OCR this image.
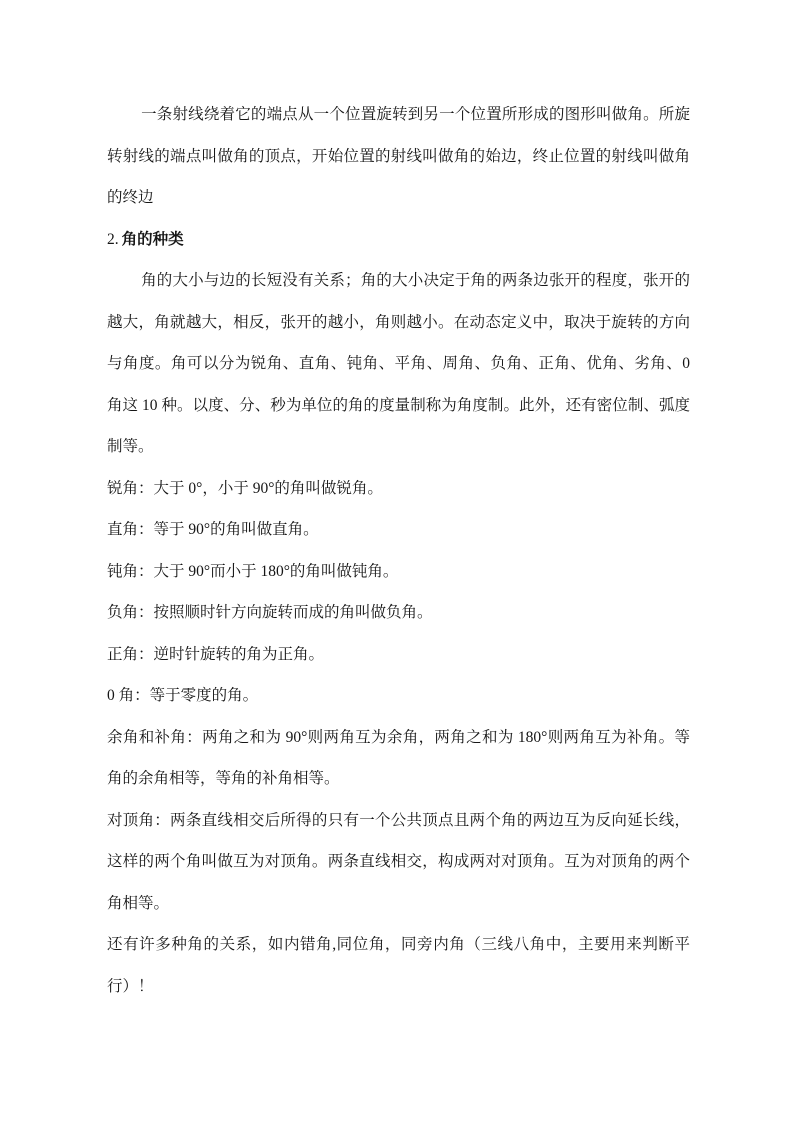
一条射线绕着它的端点从一个位置旋转到另一个位置所形成的图形叫做角。所旋转射线的端点叫做角的顶点，开始位置的射线叫做角的始边，终止位置的射线叫做角的终边

2. 角的种类

角的大小与边的长短没有关系；角的大小决定于角的两条边张开的程度，张开的越大，角就越大，相反，张开的越小，角则越小。在动态定义中，取决于旋转的方向与角度。角可以分为锐角、直角、钝角、平角、周角、负角、正角、优角、劣角、0 角这 10 种。以度、分、秒为单位的角的度量制称为角度制。此外，还有密位制、弧度制等。

锐角：大于 0°，小于 90°的角叫做锐角。

直角：等于 90°的角叫做直角。

钝角：大于 90°而小于 180°的角叫做钝角。

负角：按照顺时针方向旋转而成的角叫做负角。

正角：逆时针旋转的角为正角。

0 角：等于零度的角。

余角和补角：两角之和为 90°则两角互为余角，两角之和为 180°则两角互为补角。等角的余角相等，等角的补角相等。

对顶角：两条直线相交后所得的只有一个公共顶点且两个角的两边互为反向延长线，这样的两个角叫做互为对顶角。两条直线相交，构成两对对顶角。互为对顶角的两个角相等。

还有许多种角的关系，如内错角,同位角，同旁内角（三线八角中，主要用来判断平行）！
